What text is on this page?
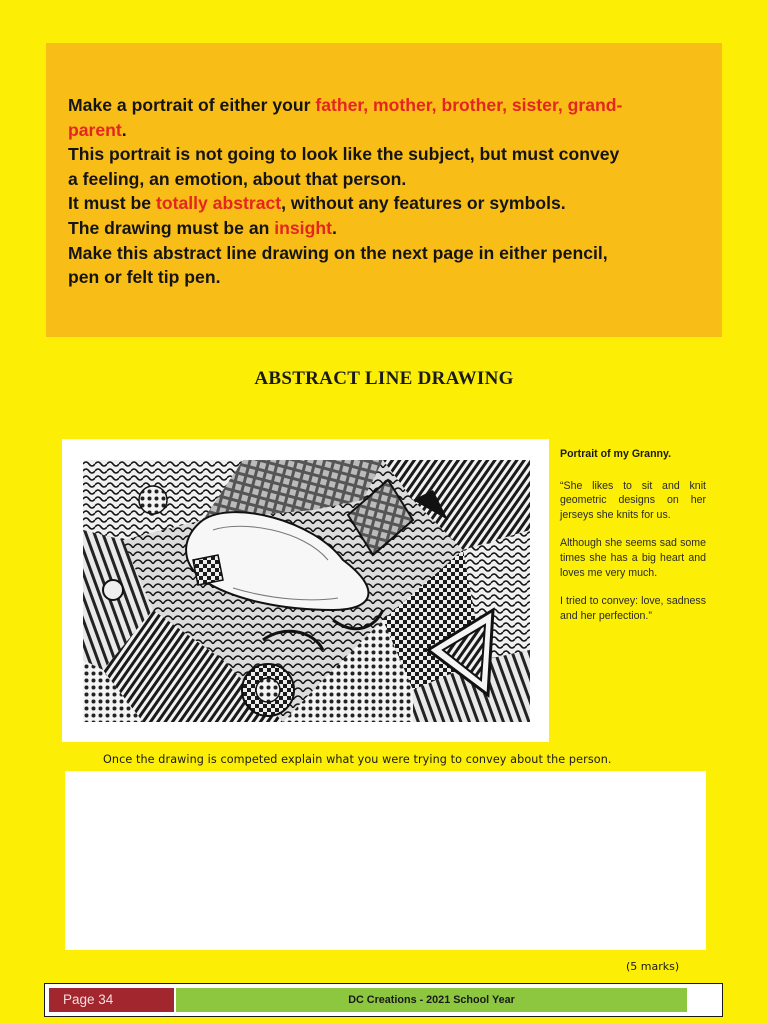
Make a portrait of either your father, mother, brother, sister, grand-
parent.
This portrait is not going to look like the subject, but must convey
a feeling, an emotion, about that person.
It must be totally abstract, without any features or symbols.
The drawing must be an insight.
Make this abstract line drawing on the next page in either pencil,
pen or felt tip pen.

ABSTRACT LINE DRAWING
Portrait of my Granny.

“She likes to sit and knit geometric designs on her jerseys she knits for us.

Although she seems sad some times she has a big heart and loves me very much.

I tried to convey: love, sadness and her perfection.”

Once the drawing is competed explain what you were trying to convey about the person.
(5 marks)
Page 34	DC Creations - 2021 School Year
